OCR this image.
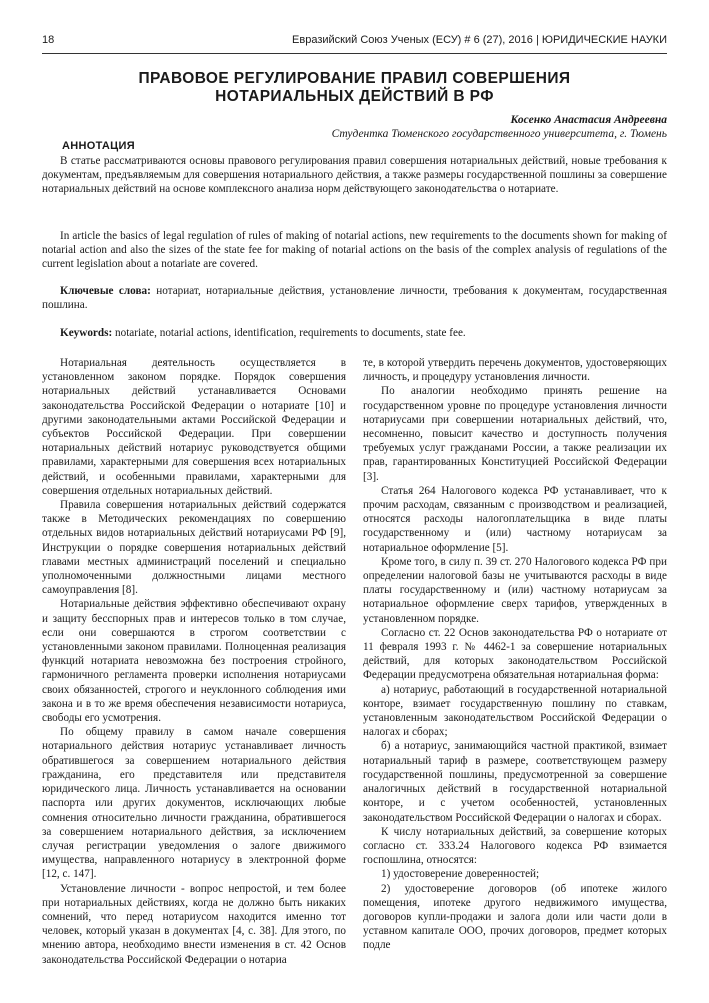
18	Евразийский Союз Ученых (ЕСУ) # 6 (27), 2016 | ЮРИДИЧЕСКИЕ НАУКИ
ПРАВОВОЕ РЕГУЛИРОВАНИЕ ПРАВИЛ СОВЕРШЕНИЯ
НОТАРИАЛЬНЫХ ДЕЙСТВИЙ В РФ
Косенко Анастасия Андреевна
Студентка Тюменского государственного университета, г. Тюмень
АННОТАЦИЯ

В статье рассматриваются основы правового регулирования правил совершения нотариальных действий, новые требования к документам, предъявляемым для совершения нотариального действия, а также размеры государственной пошлины за совершение нотариальных действий на основе комплексного анализа норм действующего законодательства о нотариате.

In article the basics of legal regulation of rules of making of notarial actions, new requirements to the documents shown for making of notarial action and also the sizes of the state fee for making of notarial actions on the basis of the complex analysis of regulations of the current legislation about a notariate are covered.

Ключевые слова: нотариат, нотариальные действия, установление личности, требования к документам, государственная пошлина.

Keywords: notariate, notarial actions, identification, requirements to documents, state fee.

Нотариальная деятельность осуществляется в установленном законом порядке. Порядок совершения нотариальных действий устанавливается Основами законодательства Российской Федерации о нотариате [10] и другими законодательными актами Российской Федерации и субъектов Российской Федерации. При совершении нотариальных действий нотариус руководствуется общими правилами, характерными для совершения всех нотариальных действий, и особенными правилами, характерными для совершения отдельных нотариальных действий.

Правила совершения нотариальных действий содержатся также в Методических рекомендациях по совершению отдельных видов нотариальных действий нотариусами РФ [9], Инструкции о порядке совершения нотариальных действий главами местных администраций поселений и специально уполномоченными должностными лицами местного самоуправления [8].

Нотариальные действия эффективно обеспечивают охрану и защиту бесспорных прав и интересов только в том случае, если они совершаются в строгом соответствии с установленными законом правилами. Полноценная реализация функций нотариата невозможна без построения стройного, гармоничного регламента проверки исполнения нотариусами своих обязанностей, строгого и неуклонного соблюдения ими закона и в то же время обеспечения независимости нотариуса, свободы его усмотрения.

По общему правилу в самом начале совершения нотариального действия нотариус устанавливает личность обратившегося за совершением нотариального действия гражданина, его представителя или представителя юридического лица. Личность устанавливается на основании паспорта или других документов, исключающих любые сомнения относительно личности гражданина, обратившегося за совершением нотариального действия, за исключением случая регистрации уведомления о залоге движимого имущества, направленного нотариусу в электронной форме [12, с. 147].

Установление личности - вопрос непростой, и тем более при нотариальных действиях, когда не должно быть никаких сомнений, что перед нотариусом находится именно тот человек, который указан в документах [4, с. 38]. Для этого, по мнению автора, необходимо внести изменения в ст. 42 Основ законодательства Российской Федерации о нотариа

те, в которой утвердить перечень документов, удостоверяющих личность, и процедуру установления личности.

По аналогии необходимо принять решение на государственном уровне по процедуре установления личности нотариусами при совершении нотариальных действий, что, несомненно, повысит качество и доступность получения требуемых услуг гражданами России, а также реализации их прав, гарантированных Конституцией Российской Федерации [3].

Статья 264 Налогового кодекса РФ устанавливает, что к прочим расходам, связанным с производством и реализацией, относятся расходы налогоплательщика в виде платы государственному и (или) частному нотариусам за нотариальное оформление [5].

Кроме того, в силу п. 39 ст. 270 Налогового кодекса РФ при определении налоговой базы не учитываются расходы в виде платы государственному и (или) частному нотариусам за нотариальное оформление сверх тарифов, утвержденных в установленном порядке.

Согласно ст. 22 Основ законодательства РФ о нотариате от 11 февраля 1993 г. № 4462-1 за совершение нотариальных действий, для которых законодательством Российской Федерации предусмотрена обязательная нотариальная форма:

а) нотариус, работающий в государственной нотариальной конторе, взимает государственную пошлину по ставкам, установленным законодательством Российской Федерации о налогах и сборах;

б) а нотариус, занимающийся частной практикой, взимает нотариальный тариф в размере, соответствующем размеру государственной пошлины, предусмотренной за совершение аналогичных действий в государственной нотариальной конторе, и с учетом особенностей, установленных законодательством Российской Федерации о налогах и сборах.

К числу нотариальных действий, за совершение которых согласно ст. 333.24 Налогового кодекса РФ взимается госпошлина, относятся:

1) удостоверение доверенностей;

2) удостоверение договоров (об ипотеке жилого помещения, ипотеке другого недвижимого имущества, договоров купли-продажи и залога доли или части доли в уставном капитале ООО, прочих договоров, предмет которых подле
